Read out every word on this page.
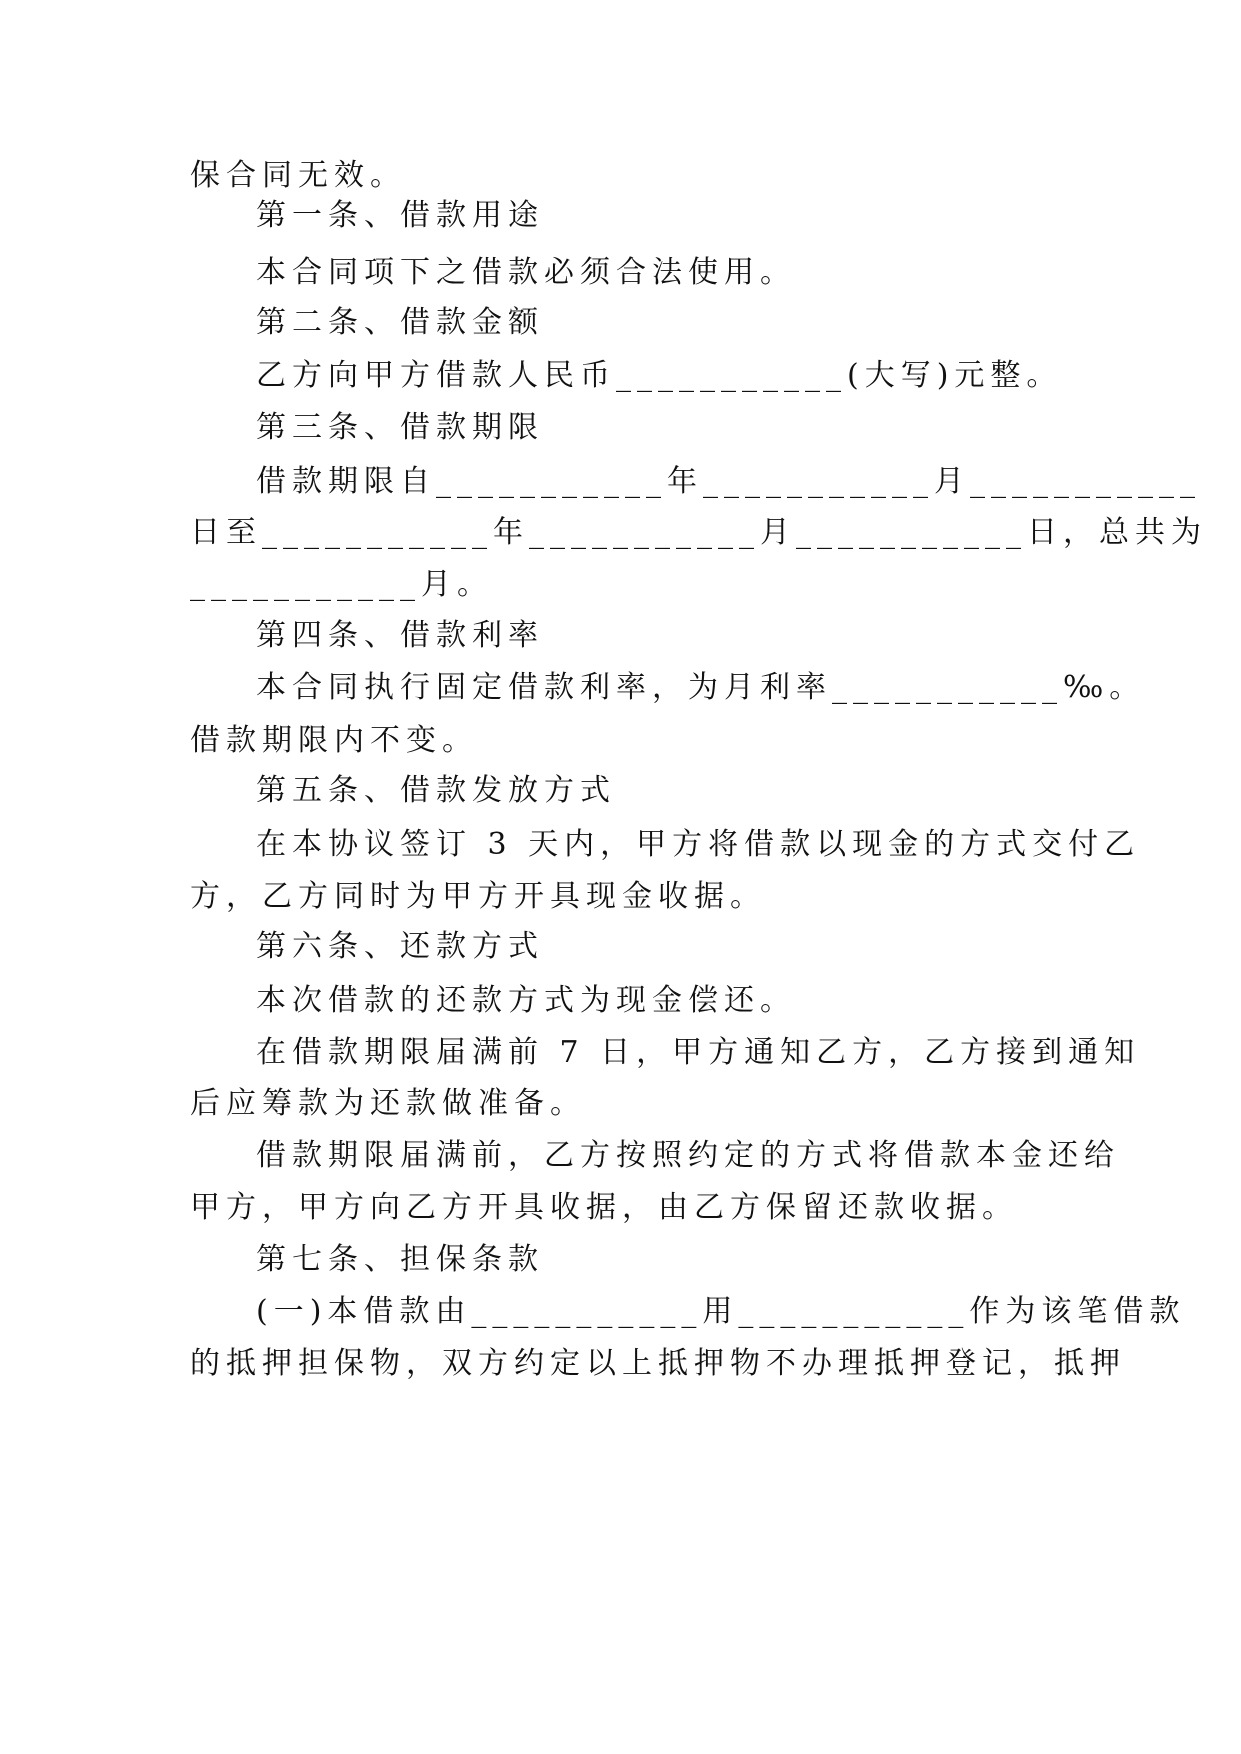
保合同无效。
第一条、借款用途
本合同项下之借款必须合法使用。
第二条、借款金额
乙方向甲方借款人民币___________(大写)元整。
第三条、借款期限
借款期限自___________年___________月___________
日至___________年___________月___________日，总共为
___________月。
第四条、借款利率
本合同执行固定借款利率，为月利率___________‰。
借款期限内不变。
第五条、借款发放方式
在本协议签订 3 天内，甲方将借款以现金的方式交付乙
方，乙方同时为甲方开具现金收据。
第六条、还款方式
本次借款的还款方式为现金偿还。
在借款期限届满前 7 日，甲方通知乙方，乙方接到通知
后应筹款为还款做准备。
借款期限届满前，乙方按照约定的方式将借款本金还给
甲方，甲方向乙方开具收据，由乙方保留还款收据。
第七条、担保条款
(一)本借款由___________用___________作为该笔借款
的抵押担保物，双方约定以上抵押物不办理抵押登记，抵押
